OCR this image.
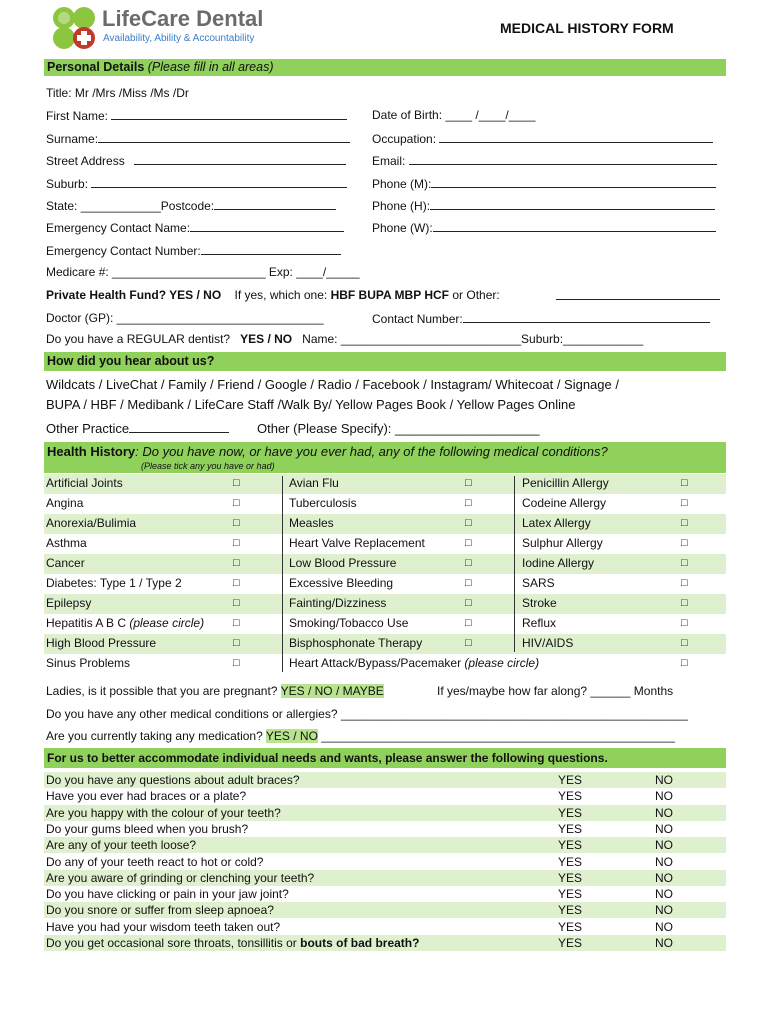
LifeCare Dental
Availability, Ability & Accountability
MEDICAL HISTORY FORM
Personal Details (Please fill in all areas)
Title: Mr /Mrs /Miss /Ms /Dr
First Name:	Date of Birth: ____ /____/____
Surname:	Occupation:
Street Address	Email:
Suburb:	Phone (M):
State: ____________Postcode:	Phone (H):
Emergency Contact Name:	Phone (W):
Emergency Contact Number:
Medicare #: _______________________ Exp: ____/_____
Private Health Fund? YES / NO If yes, which one: HBF BUPA MBP HCF or Other:
Doctor (GP): _______________________________	Contact Number:
Do you have a REGULAR dentist? YES / NO Name: ___________________________Suburb:____________
How did you hear about us?
Wildcats / LiveChat / Family / Friend / Google / Radio / Facebook / Instagram/ Whitecoat / Signage /
BUPA / HBF / Medibank / LifeCare Staff /Walk By/ Yellow Pages Book / Yellow Pages Online
Other Practice	Other (Please Specify): ____________________
Health History: Do you have now, or have you ever had, any of the following medical conditions?
(Please tick any you have or had)
Artificial Joints	□	Avian Flu	□	Penicillin Allergy	□
Angina	□	Tuberculosis	□	Codeine Allergy	□
Anorexia/Bulimia	□	Measles	□	Latex Allergy	□
Asthma	□	Heart Valve Replacement	□	Sulphur Allergy	□
Cancer	□	Low Blood Pressure	□	Iodine Allergy	□
Diabetes: Type 1 / Type 2	□	Excessive Bleeding	□	SARS	□
Epilepsy	□	Fainting/Dizziness	□	Stroke	□
Hepatitis A B C (please circle)	□	Smoking/Tobacco Use	□	Reflux	□
High Blood Pressure	□	Bisphosphonate Therapy	□	HIV/AIDS	□
Sinus Problems	□	Heart Attack/Bypass/Pacemaker (please circle)	□
Ladies, is it possible that you are pregnant? YES / NO / MAYBE	If yes/maybe how far along? ______ Months
Do you have any other medical conditions or allergies? ____________________________________________________
Are you currently taking any medication? YES / NO _____________________________________________________
For us to better accommodate individual needs and wants, please answer the following questions.
Do you have any questions about adult braces?	YES	NO
Have you ever had braces or a plate?	YES	NO
Are you happy with the colour of your teeth?	YES	NO
Do your gums bleed when you brush?	YES	NO
Are any of your teeth loose?	YES	NO
Do any of your teeth react to hot or cold?	YES	NO
Are you aware of grinding or clenching your teeth?	YES	NO
Do you have clicking or pain in your jaw joint?	YES	NO
Do you snore or suffer from sleep apnoea?	YES	NO
Have you had your wisdom teeth taken out?	YES	NO
Do you get occasional sore throats, tonsillitis or bouts of bad breath?	YES	NO
